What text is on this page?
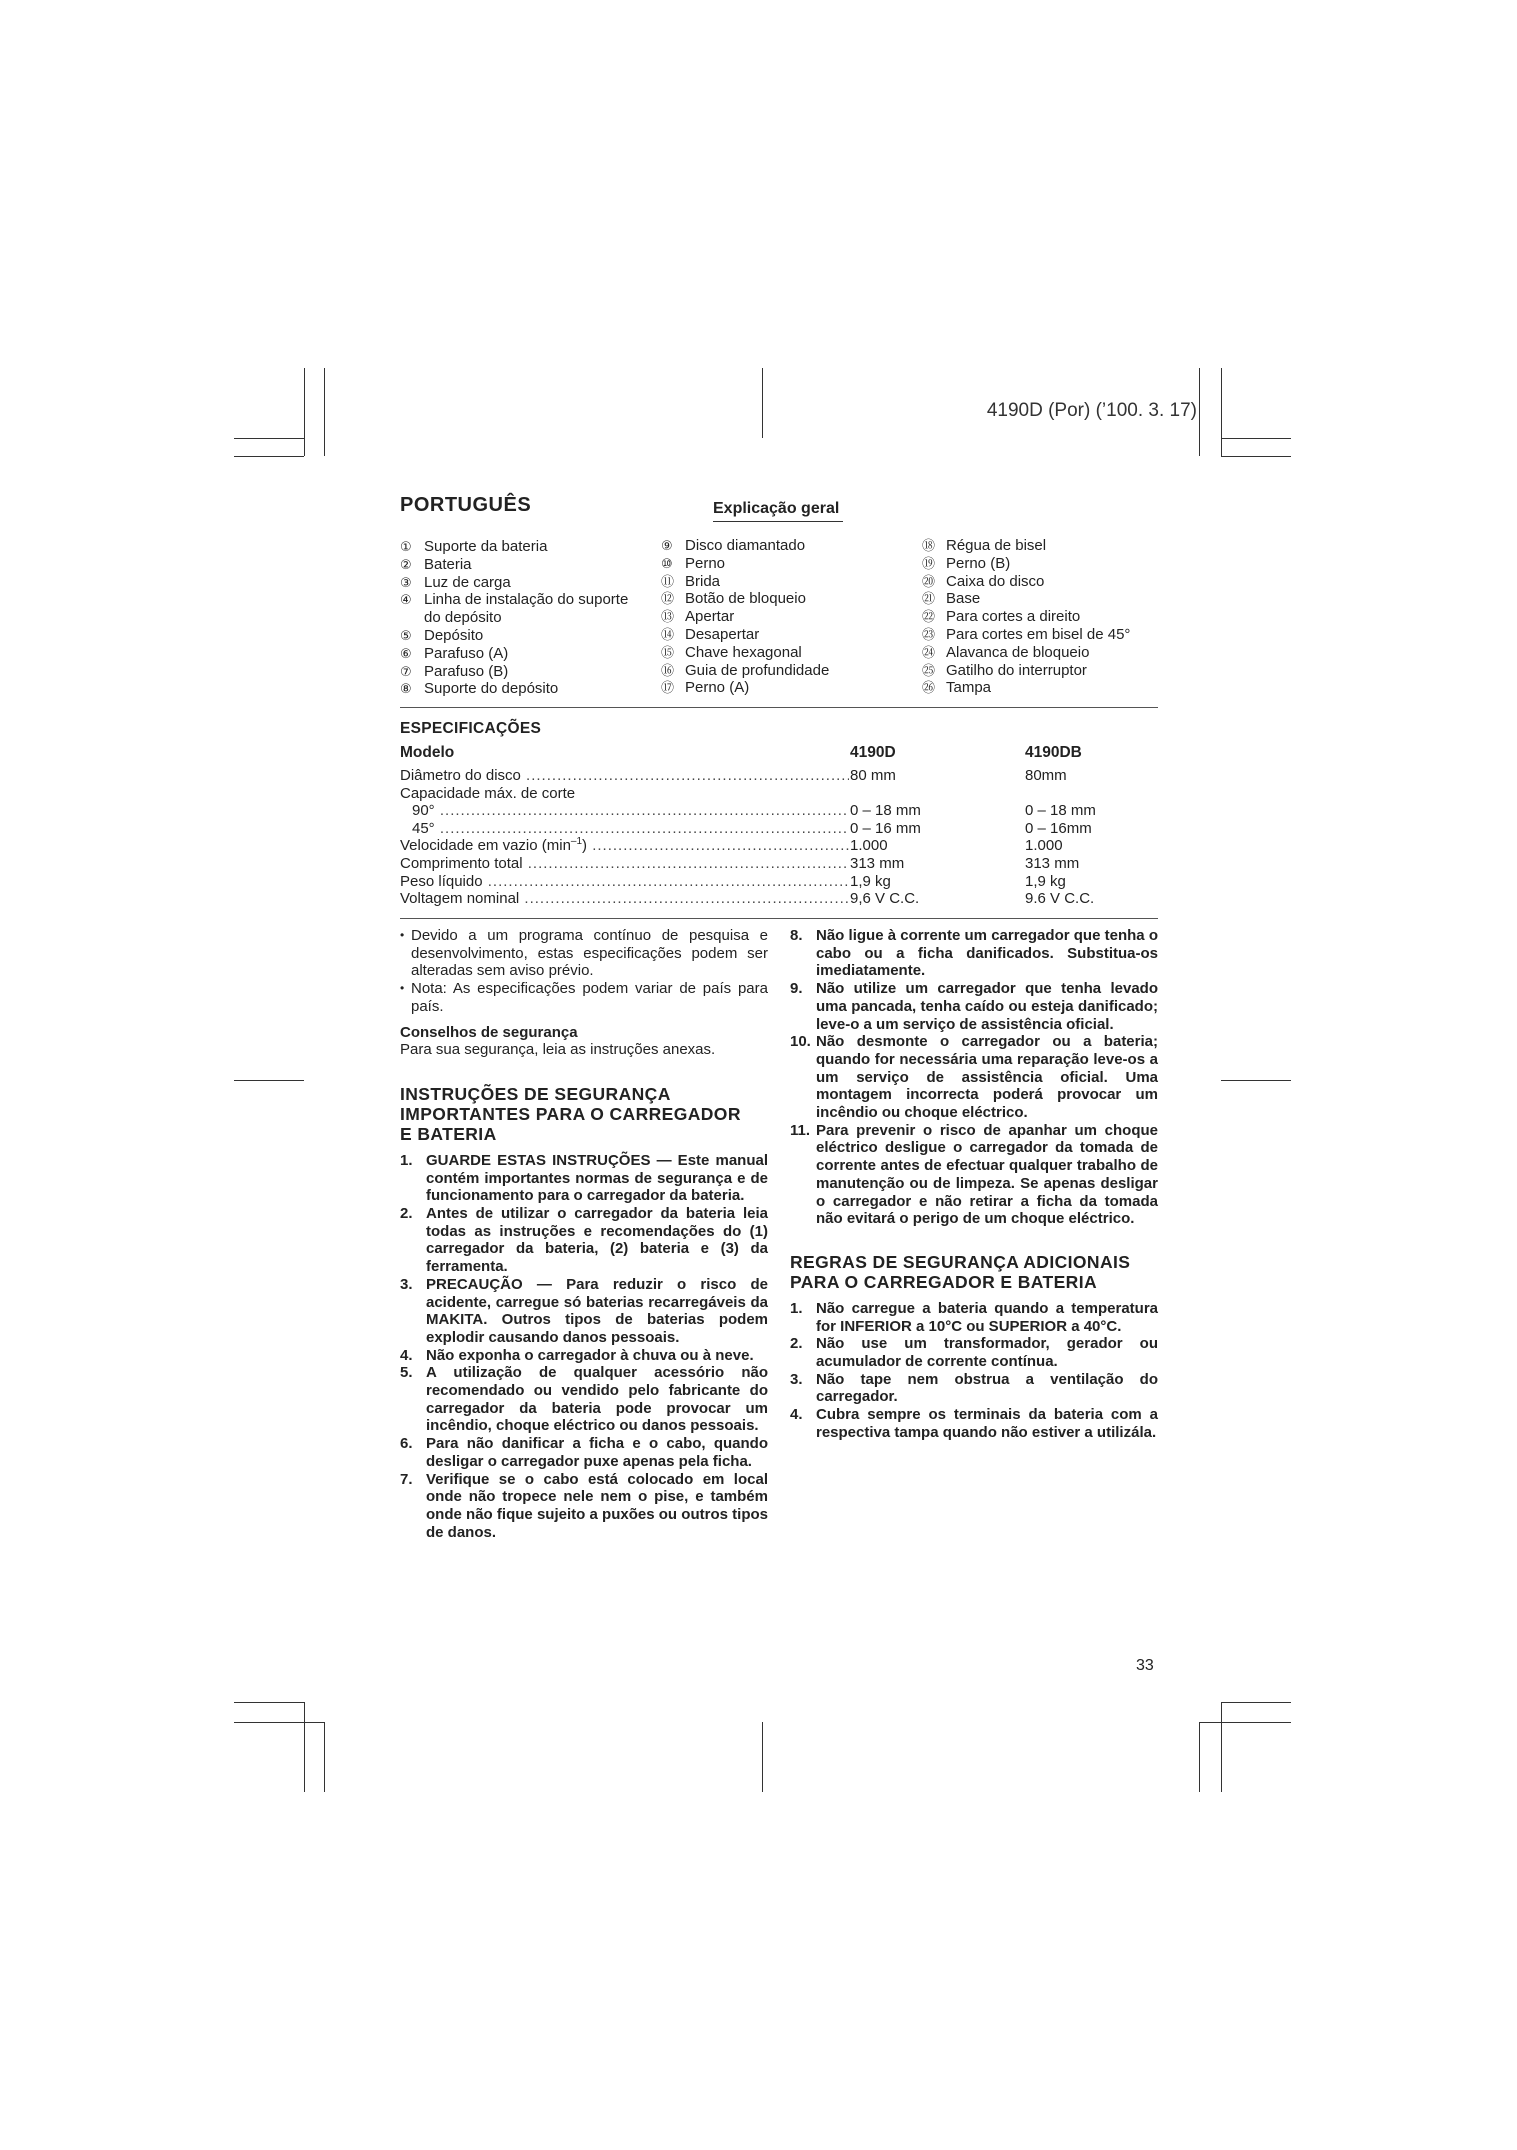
4190D (Por) (’100. 3. 17)
PORTUGUÊS	Explicação geral
① Suporte da bateria
② Bateria
③ Luz de carga
④ Linha de instalação do suporte
do depósito
⑤ Depósito
⑥ Parafuso (A)
⑦ Parafuso (B)
⑧ Suporte do depósito
⑨ Disco diamantado
⑩ Perno
⑪ Brida
⑫ Botão de bloqueio
⑬ Apertar
⑭ Desapertar
⑮ Chave hexagonal
⑯ Guia de profundidade
⑰ Perno (A)
⑱ Régua de bisel
⑲ Perno (B)
⑳ Caixa do disco
㉑ Base
㉒ Para cortes a direito
㉓ Para cortes em bisel de 45°
㉔ Alavanca de bloqueio
㉕ Gatilho do interruptor
㉖ Tampa
ESPECIFICAÇÕES
Modelo	4190D	4190DB
Diâmetro do disco .....	80 mm	80mm
Capacidade máx. de corte
90° .....	0 – 18 mm	0 – 18 mm
45° .....	0 – 16 mm	0 – 16mm
Velocidade em vazio $(\min^{-1})$ .....	1.000	1.000
Comprimento total .....	313 mm	313 mm
Peso líquido .....	1,9 kg	1,9 kg
Voltagem nominal .....	9,6 V C.C.	9.6 V C.C.
• Devido a um programa contínuo de pesquisa e desenvolvimento, estas especificações podem ser alteradas sem aviso prévio.
• Nota: As especificações podem variar de país para país.
Conselhos de segurança
Para sua segurança, leia as instruções anexas.
INSTRUÇÕES DE SEGURANÇA
IMPORTANTES PARA O CARREGADOR
E BATERIA
1. GUARDE ESTAS INSTRUÇÕES — Este manual contém importantes normas de segurança e de funcionamento para o carregador da bateria.
2. Antes de utilizar o carregador da bateria leia todas as instruções e recomendações do (1) carregador da bateria, (2) bateria e (3) da ferramenta.
3. PRECAUÇÃO — Para reduzir o risco de acidente, carregue só baterias recarregáveis da MAKITA. Outros tipos de baterias podem explodir causando danos pessoais.
4. Não exponha o carregador à chuva ou à neve.
5. A utilização de qualquer acessório não recomendado ou vendido pelo fabricante do carregador da bateria pode provocar um incêndio, choque eléctrico ou danos pessoais.
6. Para não danificar a ficha e o cabo, quando desligar o carregador puxe apenas pela ficha.
7. Verifique se o cabo está colocado em local onde não tropece nele nem o pise, e também onde não fique sujeito a puxões ou outros tipos de danos.
8. Não ligue à corrente um carregador que tenha o cabo ou a ficha danificados. Substitua-os imediatamente.
9. Não utilize um carregador que tenha levado uma pancada, tenha caído ou esteja danificado; leve-o a um serviço de assistência oficial.
10. Não desmonte o carregador ou a bateria; quando for necessária uma reparação leve-os a um serviço de assistência oficial. Uma montagem incorrecta poderá provocar um incêndio ou choque eléctrico.
11. Para prevenir o risco de apanhar um choque eléctrico desligue o carregador da tomada de corrente antes de efectuar qualquer trabalho de manutenção ou de limpeza. Se apenas desligar o carregador e não retirar a ficha da tomada não evitará o perigo de um choque eléctrico.
REGRAS DE SEGURANÇA ADICIONAIS
PARA O CARREGADOR E BATERIA
1. Não carregue a bateria quando a temperatura for INFERIOR a 10°C ou SUPERIOR a 40°C.
2. Não use um transformador, gerador ou acumulador de corrente contínua.
3. Não tape nem obstrua a ventilação do carregador.
4. Cubra sempre os terminais da bateria com a respectiva tampa quando não estiver a utilizála.
33
